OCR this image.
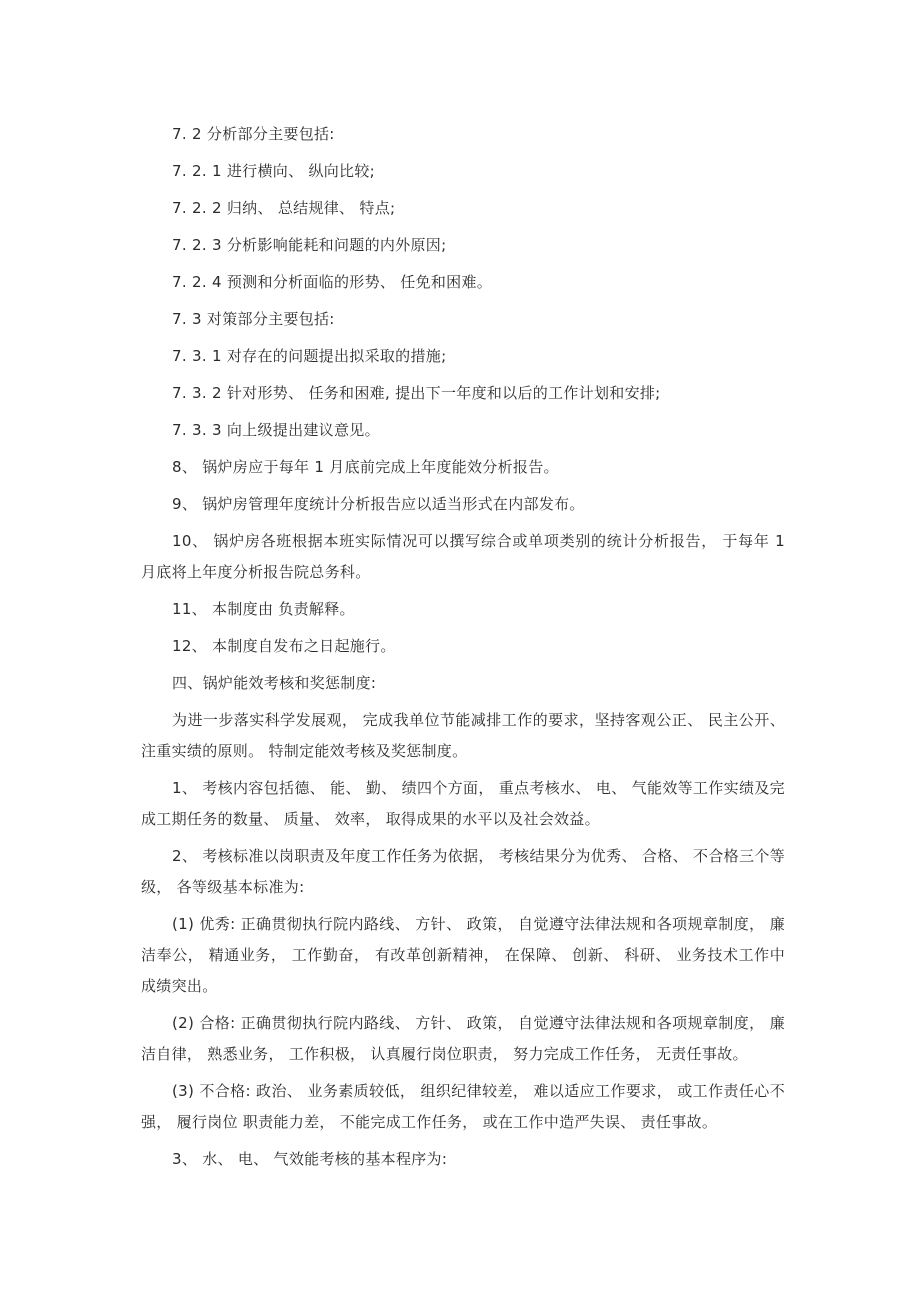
7. 2 分析部分主要包括:

7. 2. 1 进行横向、 纵向比较;

7. 2. 2 归纳、 总结规律、 特点;

7. 2. 3 分析影响能耗和问题的内外原因;

7. 2. 4 预测和分析面临的形势、 任免和困难。

7. 3 对策部分主要包括:

7. 3. 1 对存在的问题提出拟采取的措施;

7. 3. 2 针对形势、 任务和困难, 提出下一年度和以后的工作计划和安排;

7. 3. 3 向上级提出建议意见。

8、 锅炉房应于每年 1 月底前完成上年度能效分析报告。

9、 锅炉房管理年度统计分析报告应以适当形式在内部发布。

10、 锅炉房各班根据本班实际情况可以撰写综合或单项类别的统计分析报告， 于每年 1 月底将上年度分析报告院总务科。

11、 本制度由 负责解释。

12、 本制度自发布之日起施行。

四、锅炉能效考核和奖惩制度:

为进一步落实科学发展观， 完成我单位节能减排工作的要求，坚持客观公正、 民主公开、 注重实绩的原则。 特制定能效考核及奖惩制度。

1、 考核内容包括德、 能、 勤、 绩四个方面， 重点考核水、 电、 气能效等工作实绩及完成工期任务的数量、 质量、 效率， 取得成果的水平以及社会效益。

2、 考核标准以岗职责及年度工作任务为依据， 考核结果分为优秀、 合格、 不合格三个等级， 各等级基本标准为:

(1) 优秀: 正确贯彻执行院内路线、 方针、 政策， 自觉遵守法律法规和各项规章制度， 廉洁奉公， 精通业务， 工作勤奋， 有改革创新精神， 在保障、 创新、 科研、 业务技术工作中成绩突出。

(2) 合格: 正确贯彻执行院内路线、 方针、 政策， 自觉遵守法律法规和各项规章制度， 廉洁自律， 熟悉业务， 工作积极， 认真履行岗位职责， 努力完成工作任务， 无责任事故。

(3) 不合格: 政治、 业务素质较低， 组织纪律较差， 难以适应工作要求， 或工作责任心不强， 履行岗位 职责能力差， 不能完成工作任务， 或在工作中造严失误、 责任事故。

3、 水、 电、 气效能考核的基本程序为:
